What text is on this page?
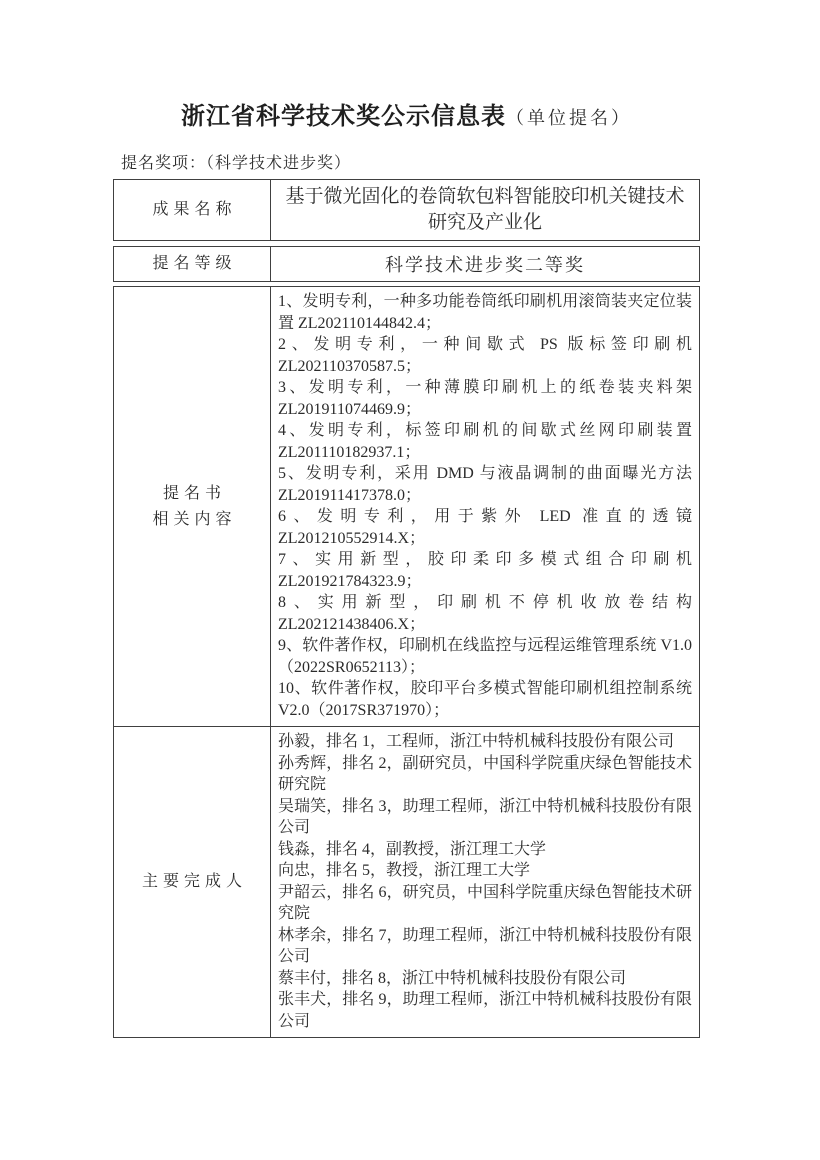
浙江省科学技术奖公示信息表（单位提名）
提名奖项：（科学技术进步奖）
成果名称
基于微光固化的卷筒软包料智能胶印机关键技术研究及产业化
提名等级	科学技术进步奖二等奖
提名书
相关内容
1、发明专利，一种多功能卷筒纸印刷机用滚筒装夹定位装置 ZL202110144842.4；
2、发明专利，一种间歇式 PS 版标签印刷机 ZL202110370587.5；
3、发明专利，一种薄膜印刷机上的纸卷装夹料架 ZL201911074469.9；
4、发明专利，标签印刷机的间歇式丝网印刷装置 ZL201110182937.1；
5、发明专利，采用 DMD 与液晶调制的曲面曝光方法 ZL201911417378.0；
6、发明专利，用于紫外 LED 准直的透镜 ZL201210552914.X；
7、实用新型，胶印柔印多模式组合印刷机 ZL201921784323.9；
8、实用新型，印刷机不停机收放卷结构 ZL202121438406.X；
9、软件著作权，印刷机在线监控与远程运维管理系统 V1.0（2022SR0652113）；
10、软件著作权，胶印平台多模式智能印刷机组控制系统 V2.0（2017SR371970）；
主要完成人
孙毅，排名 1，工程师，浙江中特机械科技股份有限公司
孙秀辉，排名 2，副研究员，中国科学院重庆绿色智能技术研究院
吴瑞笑，排名 3，助理工程师，浙江中特机械科技股份有限公司
钱淼，排名 4，副教授，浙江理工大学
向忠，排名 5，教授，浙江理工大学
尹韶云，排名 6，研究员，中国科学院重庆绿色智能技术研究院
林孝余，排名 7，助理工程师，浙江中特机械科技股份有限公司
蔡丰付，排名 8，浙江中特机械科技股份有限公司
张丰犬，排名 9，助理工程师，浙江中特机械科技股份有限公司
